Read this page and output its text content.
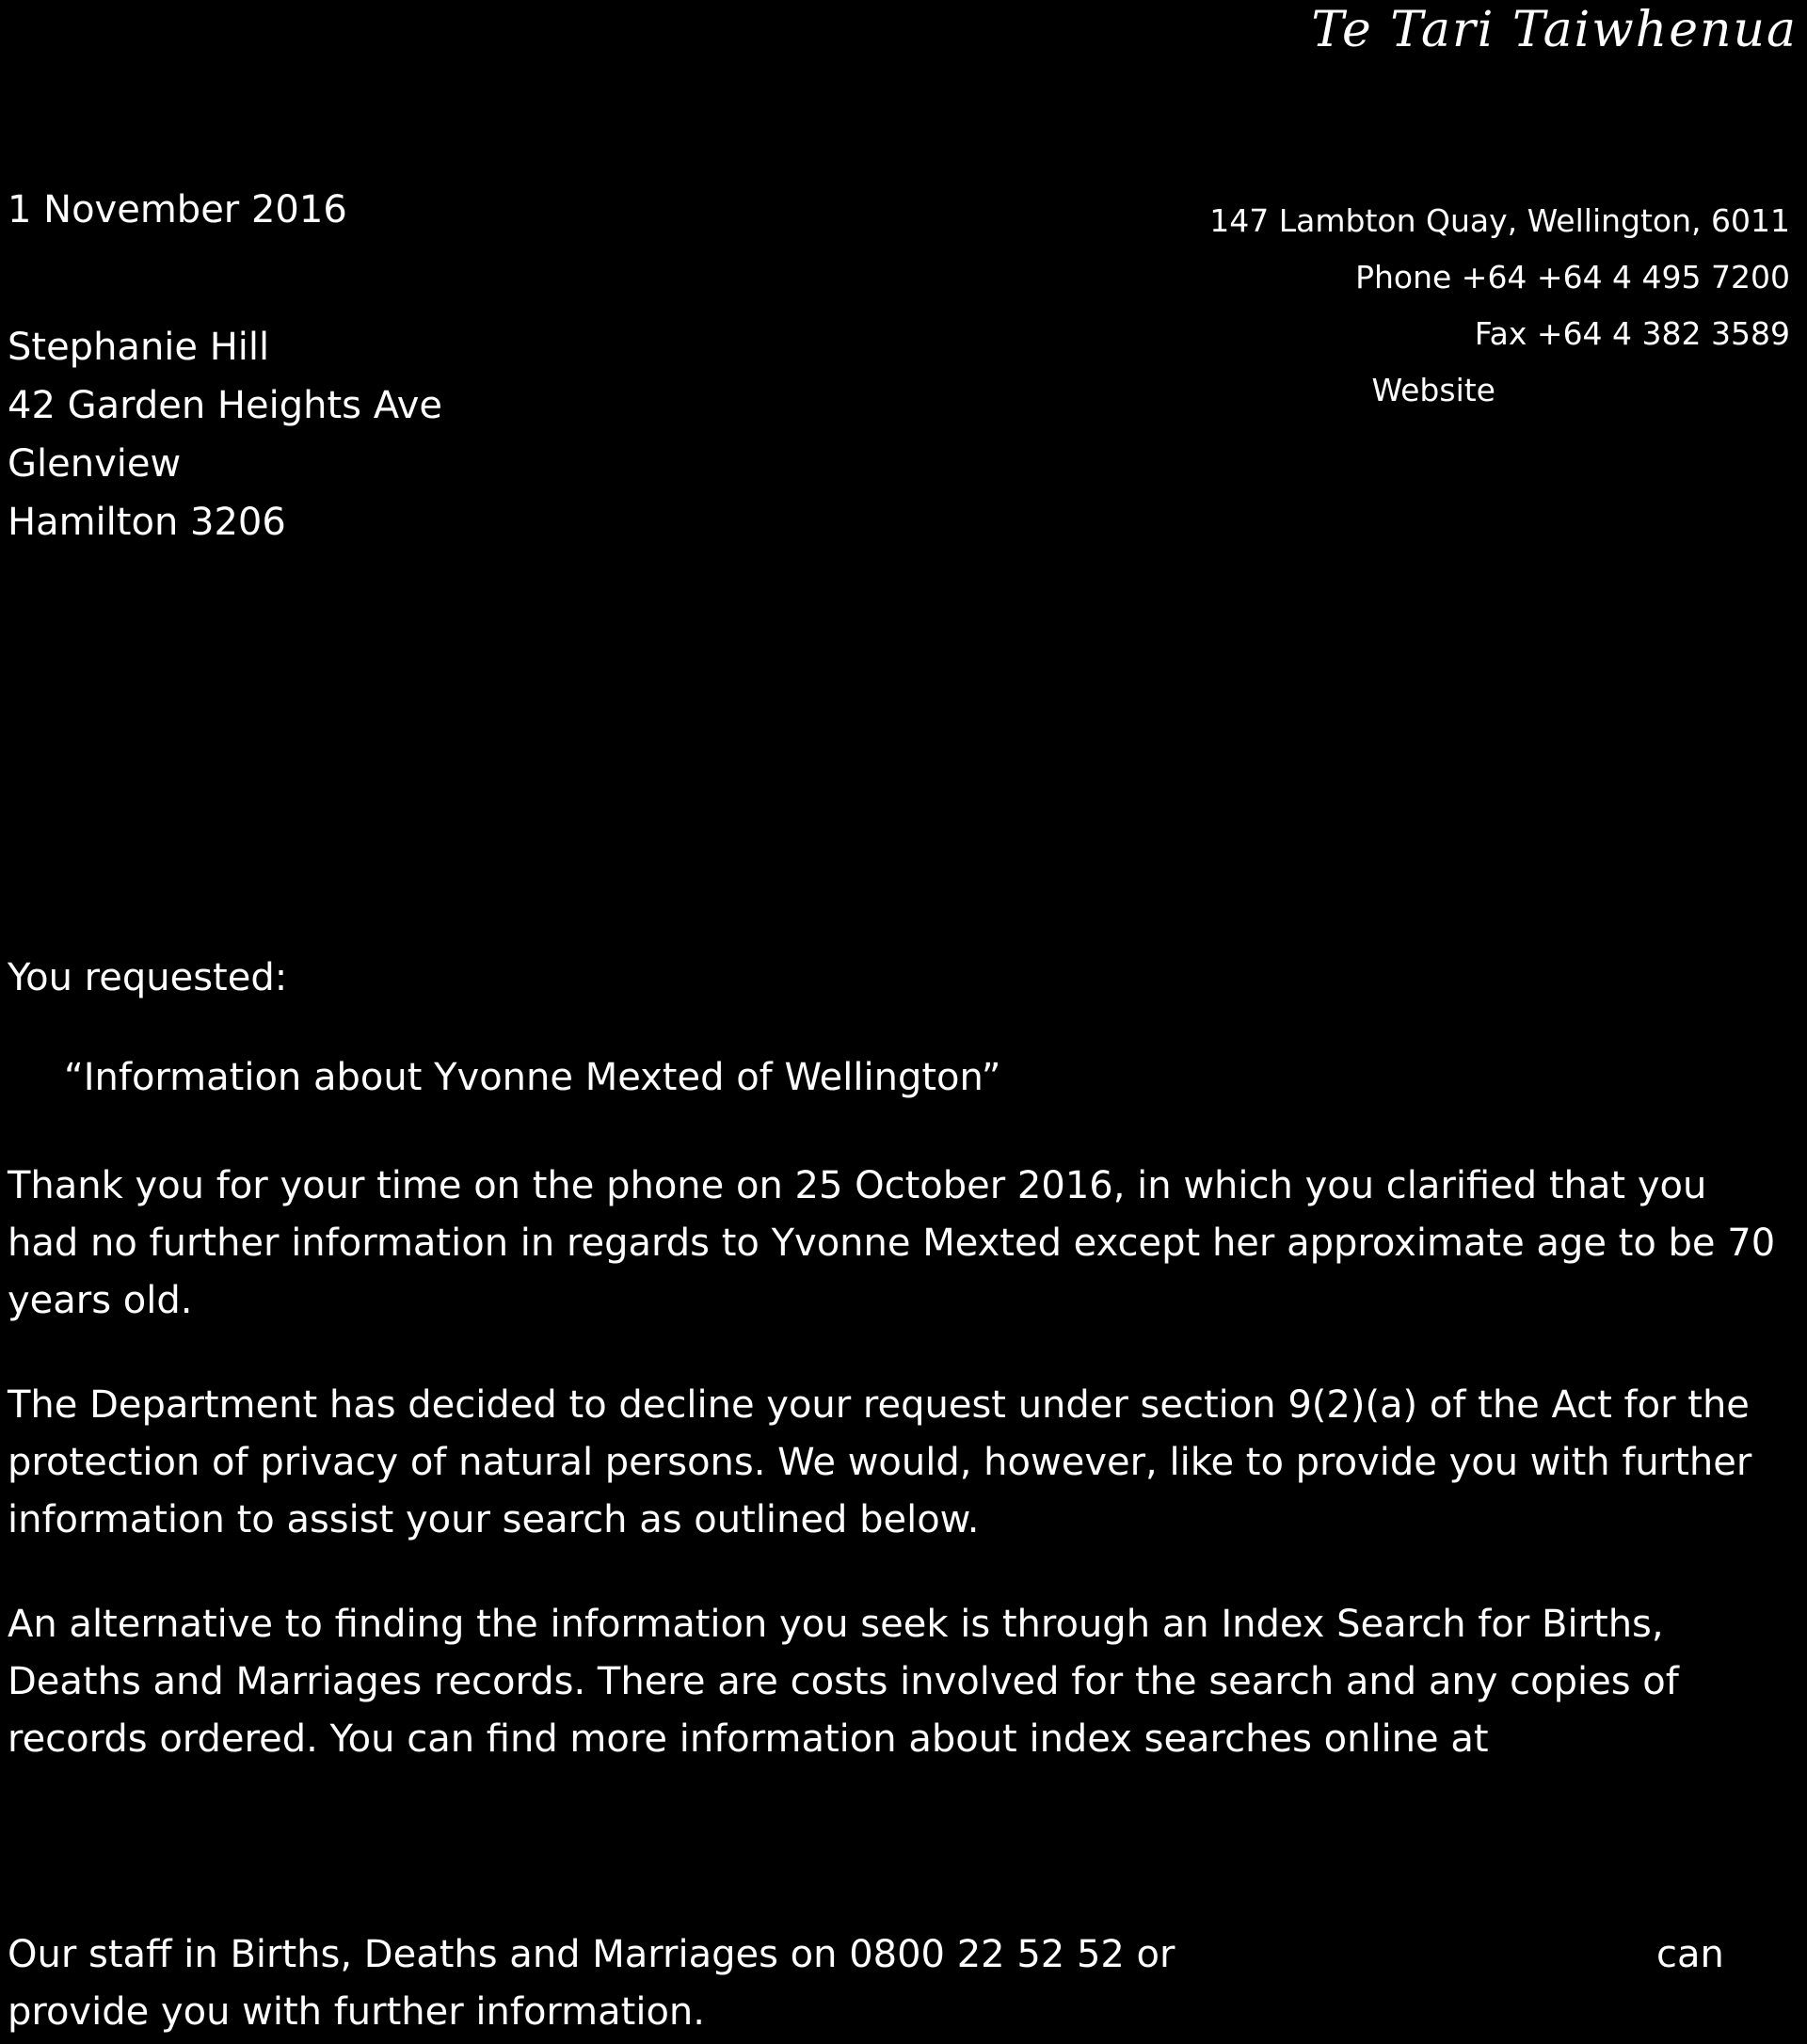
Te Tari Taiwhenua
1 November 2016
Stephanie Hill
42 Garden Heights Ave
Glenview
Hamilton 3206
147 Lambton Quay, Wellington, 6011
Phone +64 +64 4 495 7200
Fax +64 4 382 3589
Website
You requested:
“Information about Yvonne Mexted of Wellington”

Thank you for your time on the phone on 25 October 2016, in which you clarified that you had no further information in regards to Yvonne Mexted except her approximate age to be 70 years old.

The Department has decided to decline your request under section 9(2)(a) of the Act for the protection of privacy of natural persons. We would, however, like to provide you with further information to assist your search as outlined below.

An alternative to finding the information you seek is through an Index Search for Births, Deaths and Marriages records. There are costs involved for the search and any copies of records ordered. You can find more information about index searches online at

Our staff in Births, Deaths and Marriages on 0800 22 52 52 or	can
provide you with further information.
